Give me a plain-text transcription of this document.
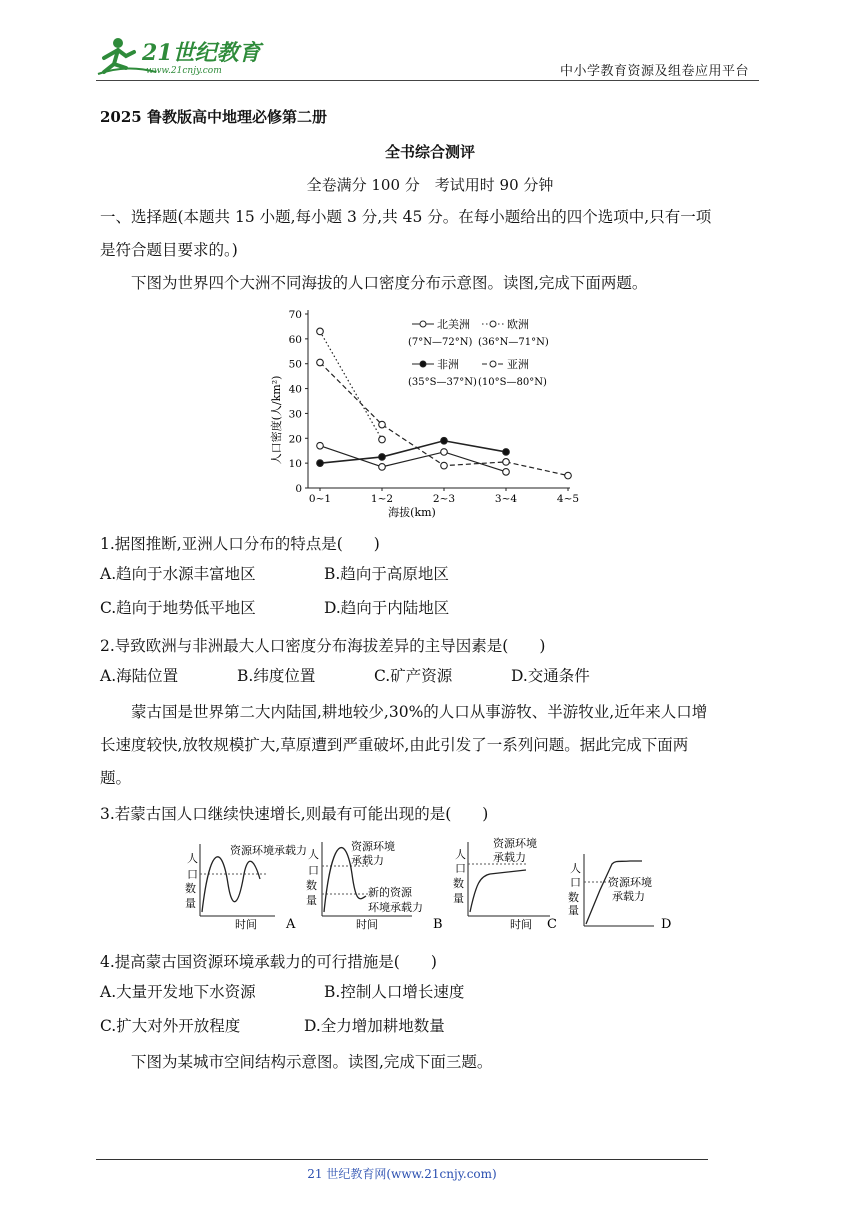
21世纪教育
www.21cnjy.com	中小学教育资源及组卷应用平台
2025 鲁教版高中地理必修第二册
全书综合测评
全卷满分 100 分　考试用时 90 分钟
一、选择题(本题共 15 小题,每小题 3 分,共 45 分。在每小题给出的四个选项中,只有一项
是符合题目要求的。)
下图为世界四个大洲不同海拔的人口密度分布示意图。读图,完成下面两题。
人口密度(人/km²)
0
10
20
30
40
50
60
70
0~1	1~2	2~3	3~4	4~5
海拔(km)
北美洲
(7°N—72°N)
欧洲
(36°N—71°N)
非洲
(35°S—37°N)
亚洲
(10°S—80°N)
1.据图推断,亚洲人口分布的特点是(　　)
A.趋向于水源丰富地区	B.趋向于高原地区
C.趋向于地势低平地区	D.趋向于内陆地区
2.导致欧洲与非洲最大人口密度分布海拔差异的主导因素是(　　)
A.海陆位置	B.纬度位置	C.矿产资源	D.交通条件
蒙古国是世界第二大内陆国,耕地较少,30%的人口从事游牧、半游牧业,近年来人口增
长速度较快,放牧规模扩大,草原遭到严重破坏,由此引发了一系列问题。据此完成下面两
题。
3.若蒙古国人口继续快速增长,则最有可能出现的是(　　)
人
口
数
量
资源环境承载力
时间 A
人
口
数
量
资源环境
承载力
新的资源
环境承载力
时间	B
人
口
数
量
资源环境
承载力
时间 C
人
口
数
量
资源环境
承载力
D
4.提高蒙古国资源环境承载力的可行措施是(　　)
A.大量开发地下水资源	B.控制人口增长速度
C.扩大对外开放程度	D.全力增加耕地数量
下图为某城市空间结构示意图。读图,完成下面三题。
21 世纪教育网(www.21cnjy.com)
